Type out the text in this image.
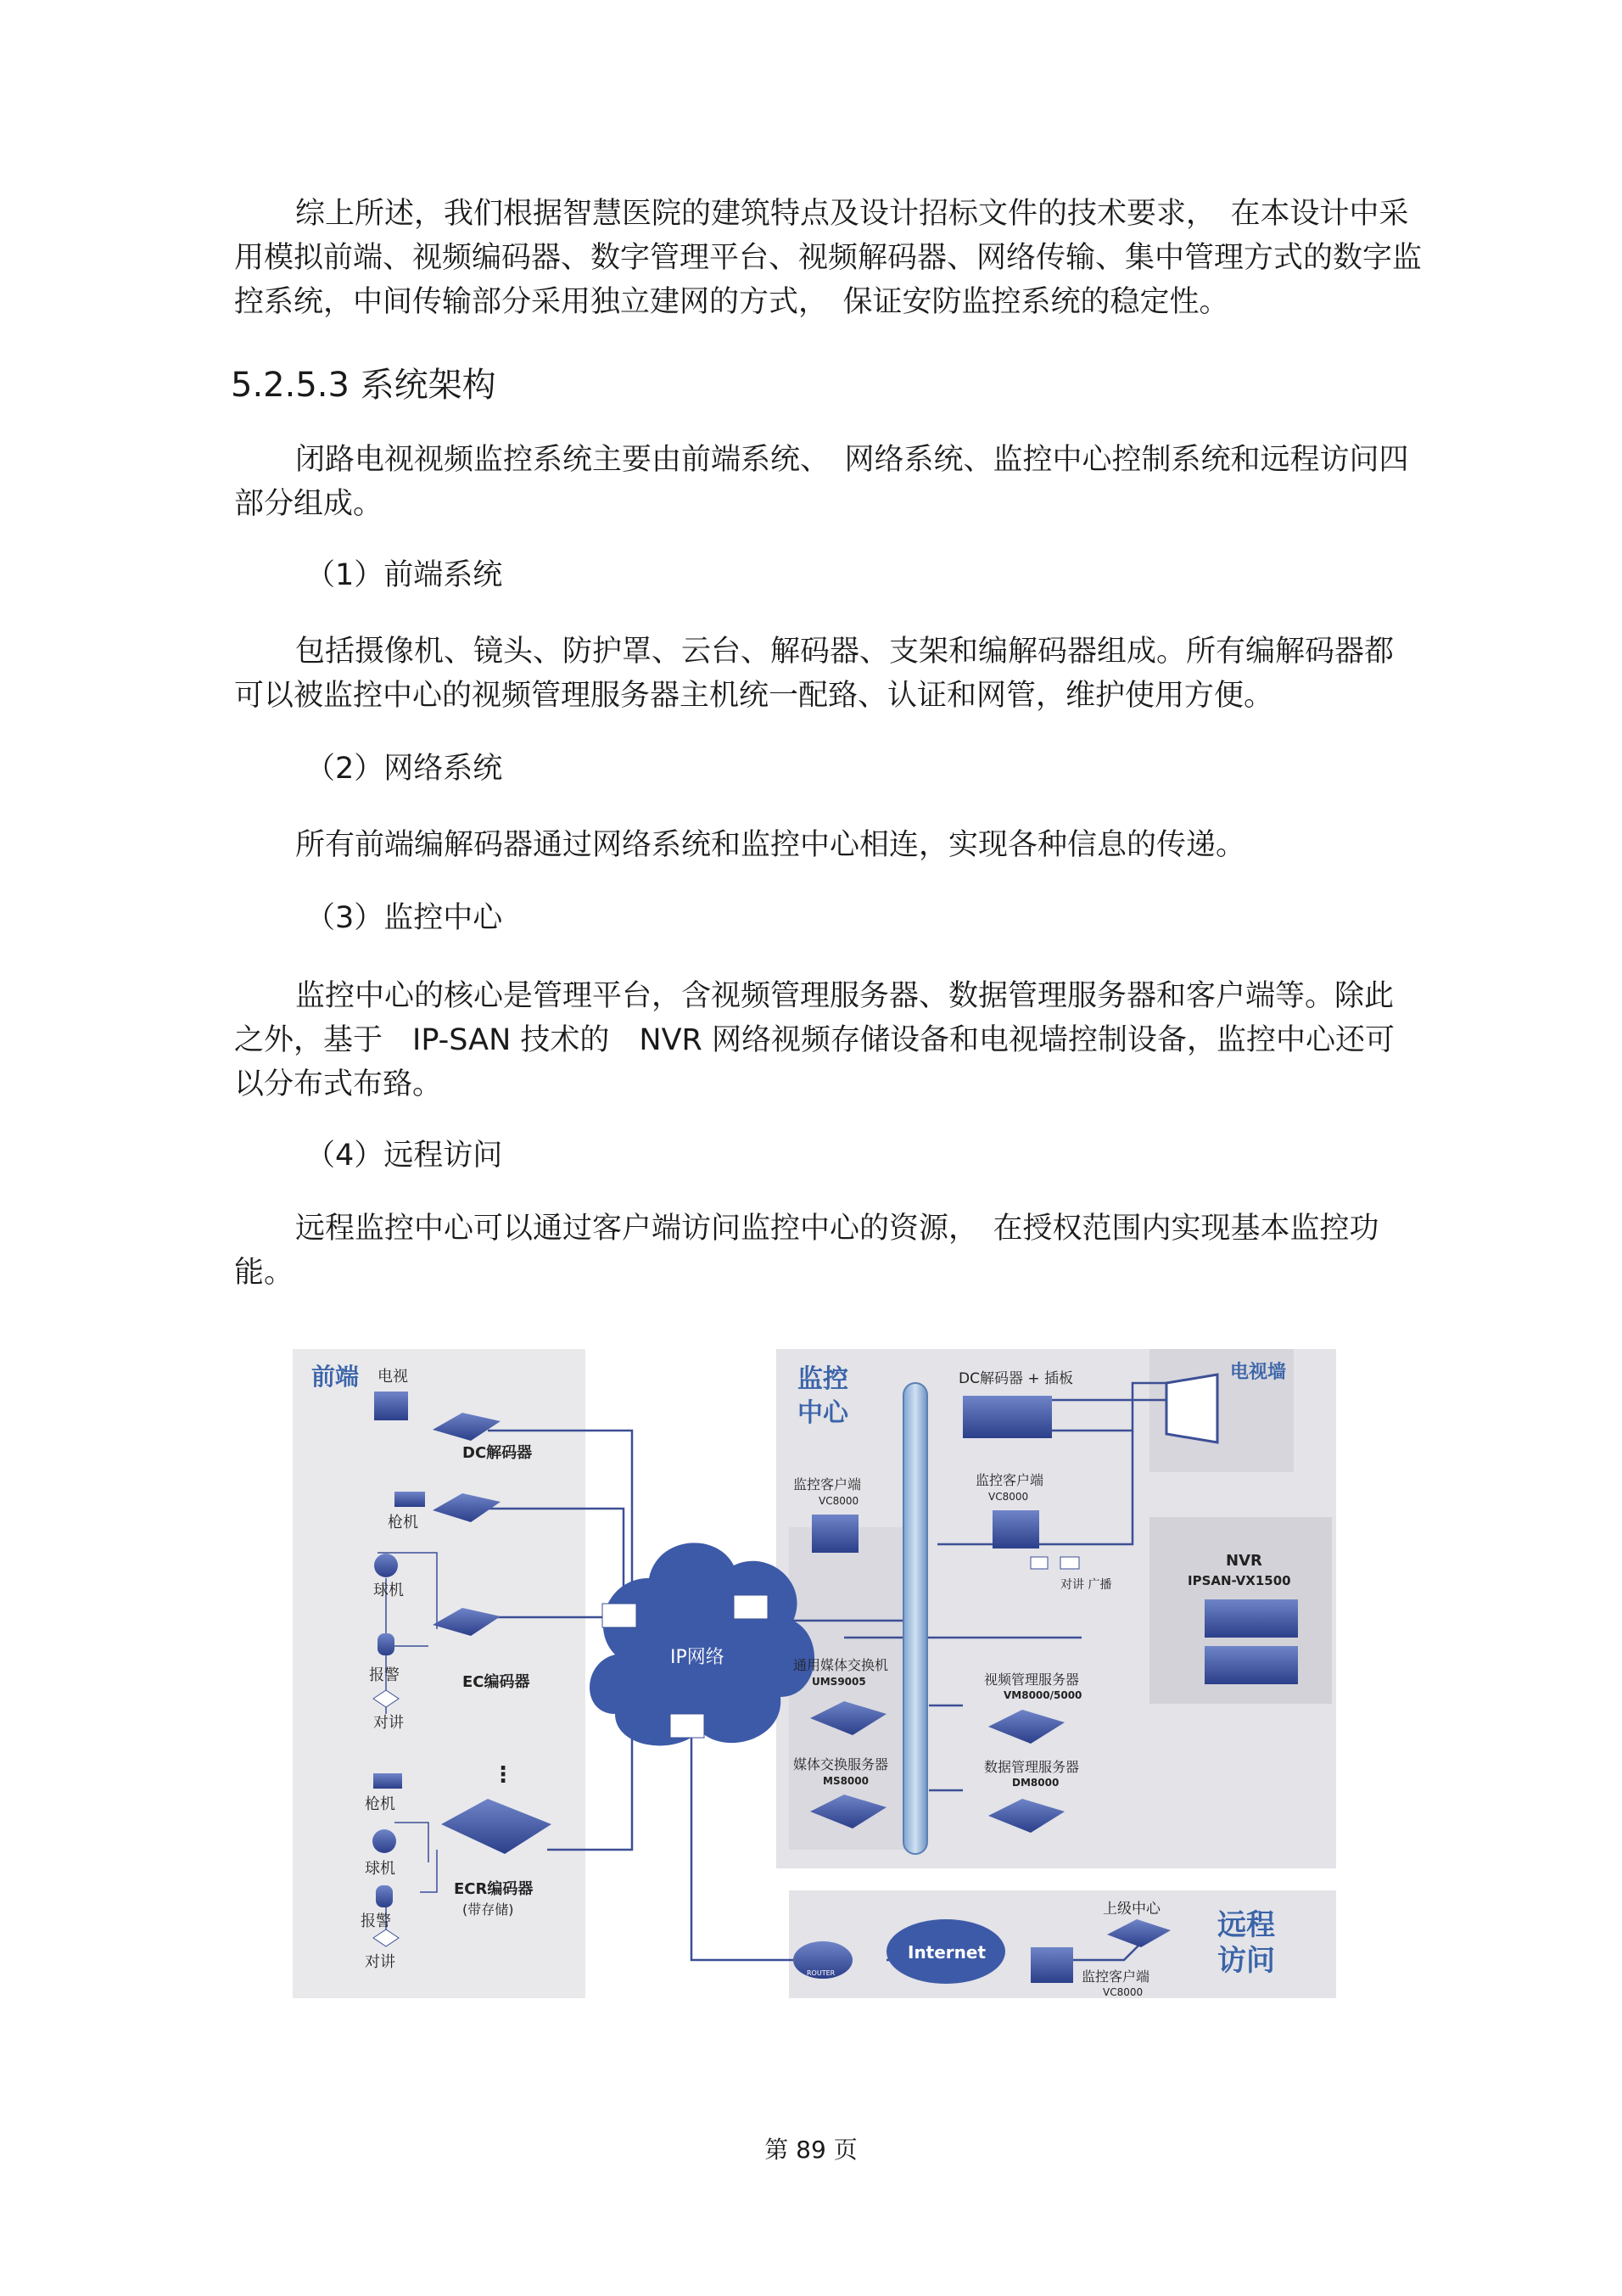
综上所述，我们根据智慧医院的建筑特点及设计招标文件的技术要求，　在本设计中采用模拟前端、视频编码器、数字管理平台、视频解码器、网络传输、集中管理方式的数字监控系统，中间传输部分采用独立建网的方式，　保证安防监控系统的稳定性。

5.2.5.3 系统架构

闭路电视视频监控系统主要由前端系统、　网络系统、监控中心控制系统和远程访问四部分组成。

（1）前端系统

包括摄像机、镜头、防护罩、云台、解码器、支架和编解码器组成。所有编解码器都可以被监控中心的视频管理服务器主机统一配臵、认证和网管，维护使用方便。

（2）网络系统

所有前端编解码器通过网络系统和监控中心相连，实现各种信息的传递。

（3）监控中心

监控中心的核心是管理平台，含视频管理服务器、数据管理服务器和客户端等。除此之外，基于　IP-SAN 技术的　NVR 网络视频存储设备和电视墙控制设备，监控中心还可以分布式布臵。

（4）远程访问

远程监控中心可以通过客户端访问监控中心的资源，　在授权范围内实现基本监控功能。

IP网络
前端 电视
DC解码器
枪机
球机
EC编码器
报警
对讲
⋮
枪机
球机
ECR编码器
(带存储)
报警
对讲
监控
中心
DC解码器 + 插板	电视墙
监控客户端
VC8000
监控客户端
VC8000
对讲 广播
NVR
IPSAN-VX1500
通用媒体交换机
UMS9005	视频管理服务器
VM8000/5000
媒体交换服务器
MS8000
数据管理服务器
DM8000
ROUTER
Internet
上级中心
监控客户端
VC8000
远程
访问
第 89 页
